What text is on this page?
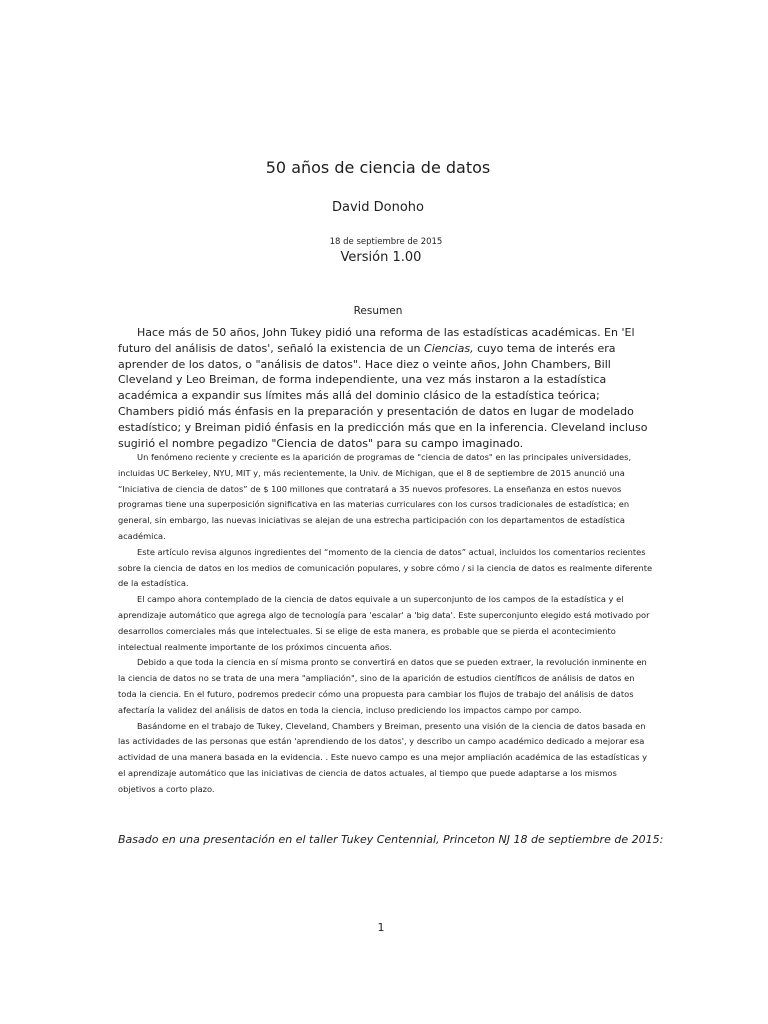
50 años de ciencia de datos
David Donoho
18 de septiembre de 2015
Versión 1.00
Resumen

Hace más de 50 años, John Tukey pidió una reforma de las estadísticas académicas. En 'El futuro del análisis de datos', señaló la existencia de un Ciencias, cuyo tema de interés era aprender de los datos, o "análisis de datos". Hace diez o veinte años, John Chambers, Bill Cleveland y Leo Breiman, de forma independiente, una vez más instaron a la estadística académica a expandir sus límites más allá del dominio clásico de la estadística teórica; Chambers pidió más énfasis en la preparación y presentación de datos en lugar de modelado estadístico; y Breiman pidió énfasis en la predicción más que en la inferencia. Cleveland incluso sugirió el nombre pegadizo "Ciencia de datos" para su campo imaginado.

Un fenómeno reciente y creciente es la aparición de programas de "ciencia de datos" en las principales universidades, incluidas UC Berkeley, NYU, MIT y, más recientemente, la Univ. de Michigan, que el 8 de septiembre de 2015 anunció una “Iniciativa de ciencia de datos” de $ 100 millones que contratará a 35 nuevos profesores. La enseñanza en estos nuevos programas tiene una superposición significativa en las materias curriculares con los cursos tradicionales de estadística; en general, sin embargo, las nuevas iniciativas se alejan de una estrecha participación con los departamentos de estadística académica.

Este artículo revisa algunos ingredientes del “momento de la ciencia de datos” actual, incluidos los comentarios recientes sobre la ciencia de datos en los medios de comunicación populares, y sobre cómo / si la ciencia de datos es realmente diferente de la estadística.

El campo ahora contemplado de la ciencia de datos equivale a un superconjunto de los campos de la estadística y el aprendizaje automático que agrega algo de tecnología para 'escalar' a 'big data'. Este superconjunto elegido está motivado por desarrollos comerciales más que intelectuales. Si se elige de esta manera, es probable que se pierda el acontecimiento intelectual realmente importante de los próximos cincuenta años.

Debido a que toda la ciencia en sí misma pronto se convertirá en datos que se pueden extraer, la revolución inminente en la ciencia de datos no se trata de una mera "ampliación", sino de la aparición de estudios científicos de análisis de datos en toda la ciencia. En el futuro, podremos predecir cómo una propuesta para cambiar los flujos de trabajo del análisis de datos afectaría la validez del análisis de datos en toda la ciencia, incluso prediciendo los impactos campo por campo.

Basándome en el trabajo de Tukey, Cleveland, Chambers y Breiman, presento una visión de la ciencia de datos basada en las actividades de las personas que están 'aprendiendo de los datos', y describo un campo académico dedicado a mejorar esa actividad de una manera basada en la evidencia. . Este nuevo campo es una mejor ampliación académica de las estadísticas y el aprendizaje automático que las iniciativas de ciencia de datos actuales, al tiempo que puede adaptarse a los mismos objetivos a corto plazo.

Basado en una presentación en el taller Tukey Centennial, Princeton NJ 18 de septiembre de 2015:
1
